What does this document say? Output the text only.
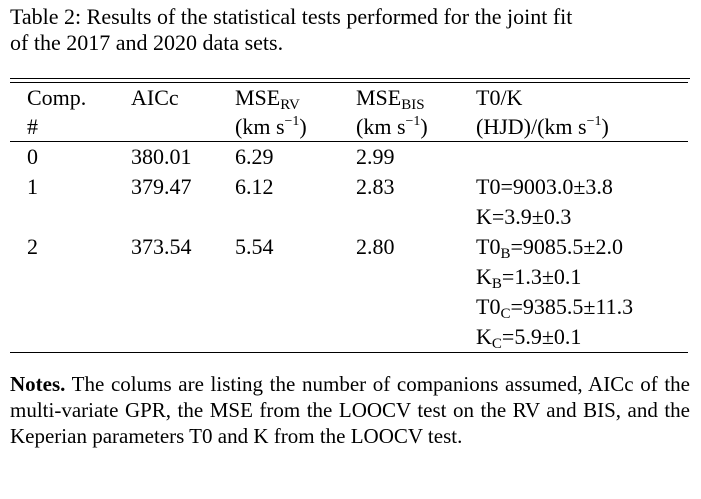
Table 2: Results of the statistical tests performed for the joint fit
of the 2017 and 2020 data sets.

Comp.	AICc	$MSE_{RV}$	$MSE_{BIS}$	T0/K
#		(km $s^{-1}$)	(km $s^{-1}$)	(HJD)/(km $s^{-1}$)
0	380.01	6.29	2.99	
1	379.47	6.12	2.83	T0=9003.0±3.8
				K=3.9±0.3
2	373.54	5.54	2.80	$T0_B=9085.5\pm 2.0$
				$K_B=1.3\pm 0.1$
				$T0_C=9385.5\pm 11.3$
				$K_C=5.9\pm 0.1$
Notes. The colums are listing the number of companions assumed, AICc of the multi-variate GPR, the MSE from the LOOCV test on the RV and BIS, and the Keperian parameters T0 and K from the LOOCV test.
